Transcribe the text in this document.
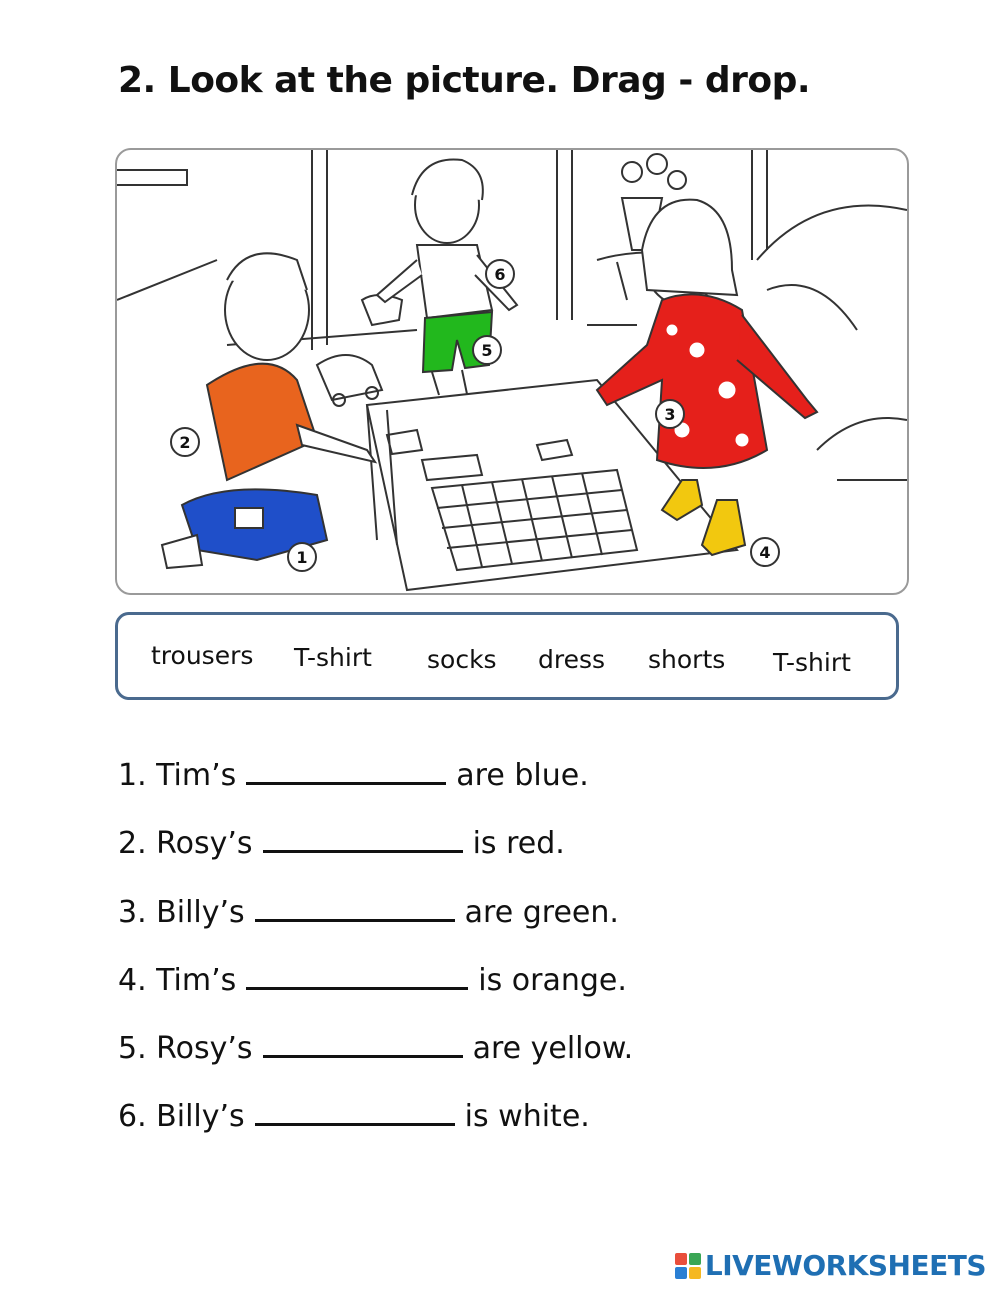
2. Look at the picture. Drag - drop.
1
2
3
4
5
6
trousers T-shirt socks dress shorts T-shirt
1. Tim’s	are blue.
2. Rosy’s	is red.
3. Billy’s	are green.
4. Tim’s	is orange.
5. Rosy’s	are yellow.
6. Billy’s	is white.
LIVEWORKSHEETS
